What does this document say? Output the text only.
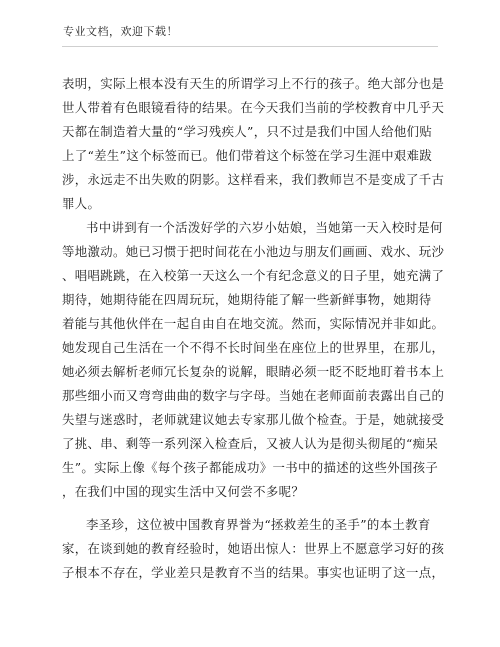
专业文档，欢迎下载！
表明，实际上根本没有天生的所谓学习上不行的孩子。绝大部分也是
世人带着有色眼镜看待的结果。在今天我们当前的学校教育中几乎天
天都在制造着大量的“学习残疾人”，只不过是我们中国人给他们贴
上了“差生”这个标签而已。他们带着这个标签在学习生涯中艰难跋
涉，永远走不出失败的阴影。这样看来，我们教师岂不是变成了千古
罪人。
书中讲到有一个活泼好学的六岁小姑娘，当她第一天入校时是何
等地激动。她已习惯于把时间花在小池边与朋友们画画、戏水、玩沙
、唱唱跳跳，在入校第一天这么一个有纪念意义的日子里，她充满了
期待，她期待能在四周玩玩，她期待能了解一些新鲜事物，她期待
着能与其他伙伴在一起自由自在地交流。然而，实际情况并非如此。
她发现自己生活在一个不得不长时间坐在座位上的世界里，在那儿，
她必须去解析老师冗长复杂的说解，眼睛必须一眨不眨地盯着书本上
那些细小而又弯弯曲曲的数字与字母。当她在老师面前表露出自己的
失望与迷惑时，老师就建议她去专家那儿做个检查。于是，她就接受
了挑、串、剩等一系列深入检查后，又被人认为是彻头彻尾的“痴呆
生”。实际上像《每个孩子都能成功》一书中的描述的这些外国孩子
，在我们中国的现实生活中又何尝不多呢？
李圣珍，这位被中国教育界誉为“拯救差生的圣手”的本土教育
家，在谈到她的教育经验时，她语出惊人：世界上不愿意学习好的孩
子根本不存在，学业差只是教育不当的结果。事实也证明了这一点，
